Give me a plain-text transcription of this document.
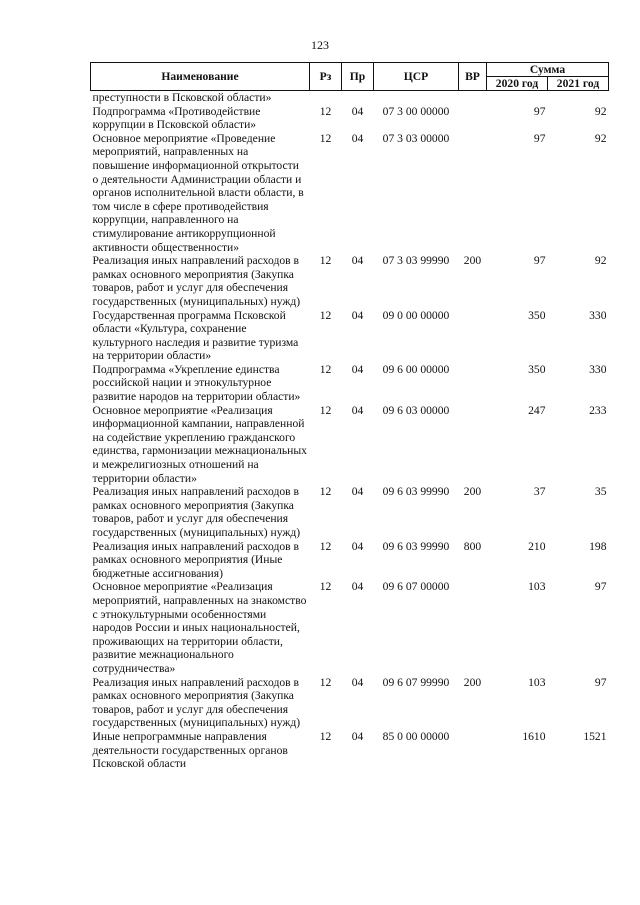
123
Наименование	Рз	Пр	ЦСР	ВР	Сумма	
					2020 год	2021 год
преступности в Псковской области»						
Подпрограмма «Противодействие коррупции в Псковской области»	12	04	07 3 00 00000		97	92
Основное мероприятие «Проведение мероприятий, направленных на повышение информационной открытости о деятельности Администрации области и органов исполнительной власти области, в том числе в сфере противодействия коррупции, направленного на стимулирование антикоррупционной активности общественности»	12	04	07 3 03 00000		97	92
Реализация иных направлений расходов в рамках основного мероприятия (Закупка товаров, работ и услуг для обеспечения государственных (муниципальных) нужд)	12	04	07 3 03 99990	200	97	92
Государственная программа Псковской области «Культура, сохранение культурного наследия и развитие туризма на территории области»	12	04	09 0 00 00000		350	330
Подпрограмма «Укрепление единства российской нации и этнокультурное развитие народов на территории области»	12	04	09 6 00 00000		350	330
Основное мероприятие «Реализация информационной кампании, направленной на содействие укреплению гражданского единства, гармонизации межнациональных и межрелигиозных отношений на территории области»	12	04	09 6 03 00000		247	233
Реализация иных направлений расходов в рамках основного мероприятия (Закупка товаров, работ и услуг для обеспечения государственных (муниципальных) нужд)	12	04	09 6 03 99990	200	37	35
Реализация иных направлений расходов в рамках основного мероприятия (Иные бюджетные ассигнования)	12	04	09 6 03 99990	800	210	198
Основное мероприятие «Реализация мероприятий, направленных на знакомство с этнокультурными особенностями народов России и иных национальностей, проживающих на территории области, развитие межнационального сотрудничества»	12	04	09 6 07 00000		103	97
Реализация иных направлений расходов в рамках основного мероприятия (Закупка товаров, работ и услуг для обеспечения государственных (муниципальных) нужд)	12	04	09 6 07 99990	200	103	97
Иные непрограммные направления деятельности государственных органов Псковской области	12	04	85 0 00 00000		1610	1521
